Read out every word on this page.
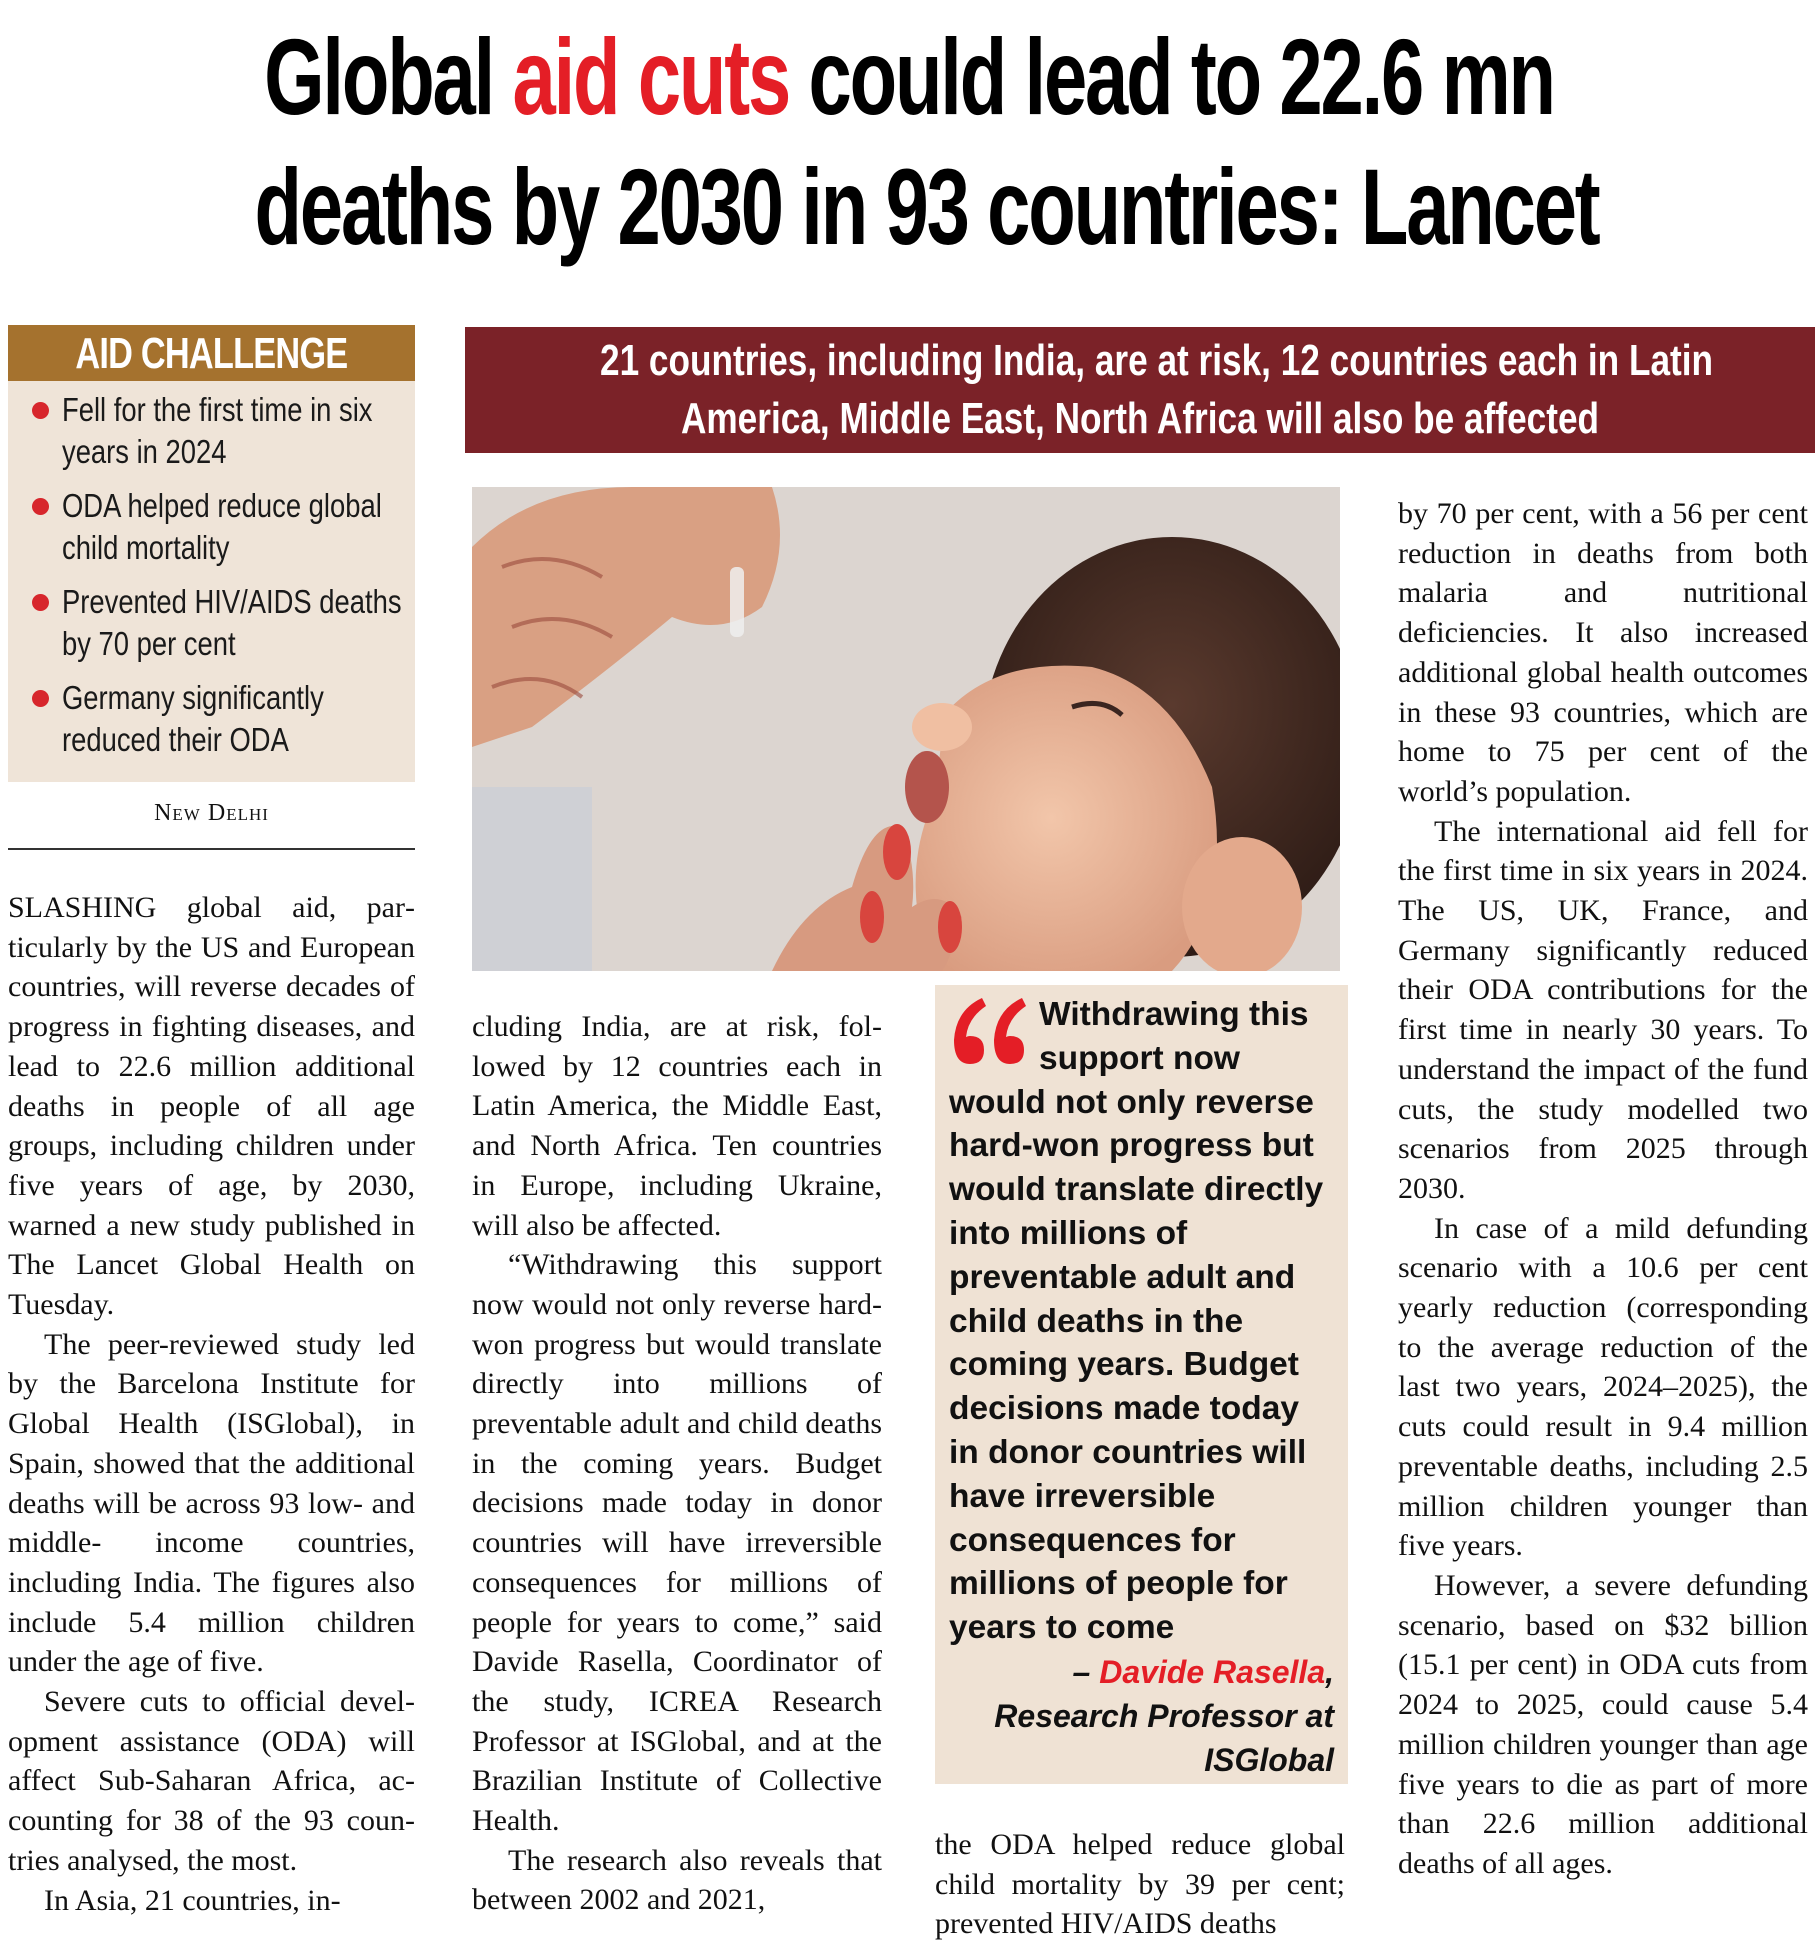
Global aid cuts could lead to 22.6 mn
deaths by 2030 in 93 countries: Lancet
AID CHALLENGE
Fell for the first time in six years in 2024
ODA helped reduce global child mortality
Prevented HIV/AIDS deaths by 70 per cent
Germany significantly reduced their ODA
New Delhi
21 countries, including India, are at risk, 12 countries each in Latin
America, Middle East, North Africa will also be affected

SLASHING global aid, particularly by the US and European countries, will reverse decades of progress in fighting diseases, and lead to 22.6 million additional deaths in people of all age groups, including children under five years of age, by 2030, warned a new study published in The Lancet Global Health on Tuesday.

The peer-reviewed study led by the Barcelona Institute for Global Health (ISGlobal), in Spain, showed that the additional deaths will be across 93 low- and middle- income countries, including India. The figures also include 5.4 million children under the age of five.

Severe cuts to official development assistance (ODA) will affect Sub-Saharan Africa, accounting for 38 of the 93 countries analysed, the most.

In Asia, 21 countries, in-

cluding India, are at risk, followed by 12 countries each in Latin America, the Middle East, and North Africa. Ten countries in Europe, including Ukraine, will also be affected.

“Withdrawing this support now would not only reverse hard-won progress but would translate directly into millions of preventable adult and child deaths in the coming years. Budget decisions made today in donor countries will have irreversible consequences for millions of people for years to come,” said Davide Rasella, Coordinator of the study, ICREA Research Professor at ISGlobal, and at the Brazilian Institute of Collective Health.

The research also reveals that between 2002 and 2021,

Withdrawing this support now
would not only reverse hard-won progress but would translate directly into millions of preventable adult and child deaths in the coming years. Budget decisions made today in donor countries will have irreversible consequences for millions of people for years to come
– Davide Rasella, Research Professor at ISGlobal

the ODA helped reduce global child mortality by 39 per cent; prevented HIV/AIDS deaths

by 70 per cent, with a 56 per cent reduction in deaths from both malaria and nutritional deficiencies. It also increased additional global health outcomes in these 93 countries, which are home to 75 per cent of the world’s population.

The international aid fell for the first time in six years in 2024. The US, UK, France, and Germany significantly reduced their ODA contributions for the first time in nearly 30 years. To understand the impact of the fund cuts, the study modelled two scenarios from 2025 through 2030.

In case of a mild defunding scenario with a 10.6 per cent yearly reduction (corresponding to the average reduction of the last two years, 2024–2025), the cuts could result in 9.4 million preventable deaths, including 2.5 million children younger than five years.

However, a severe defunding scenario, based on $32 billion (15.1 per cent) in ODA cuts from 2024 to 2025, could cause 5.4 million children younger than age five years to die as part of more than 22.6 million additional deaths of all ages.
